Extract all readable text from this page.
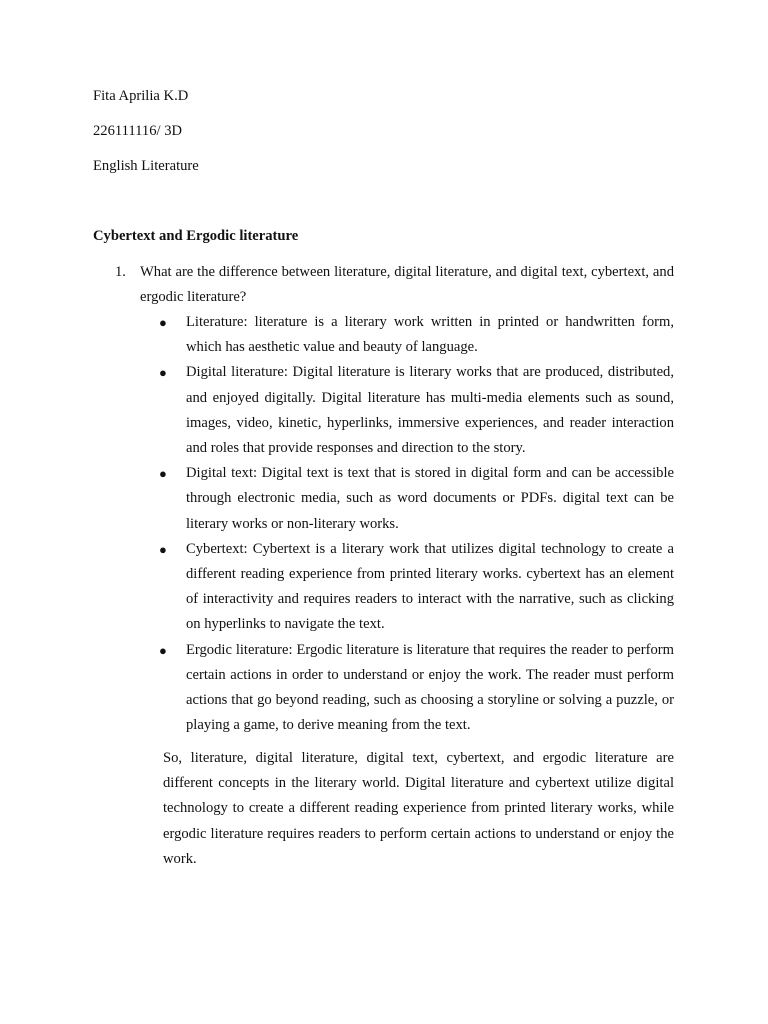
Fita Aprilia K.D
226111116/ 3D
English Literature
Cybertext and Ergodic literature
1. What are the difference between literature, digital literature, and digital text, cybertext, and ergodic literature?
● Literature: literature is a literary work written in printed or handwritten form, which has aesthetic value and beauty of language.
● Digital literature: Digital literature is literary works that are produced, distributed, and enjoyed digitally. Digital literature has multi-media elements such as sound, images, video, kinetic, hyperlinks, immersive experiences, and reader interaction and roles that provide responses and direction to the story.
● Digital text: Digital text is text that is stored in digital form and can be accessible through electronic media, such as word documents or PDFs. digital text can be literary works or non-literary works.
● Cybertext: Cybertext is a literary work that utilizes digital technology to create a different reading experience from printed literary works. cybertext has an element of interactivity and requires readers to interact with the narrative, such as clicking on hyperlinks to navigate the text.
● Ergodic literature: Ergodic literature is literature that requires the reader to perform certain actions in order to understand or enjoy the work. The reader must perform actions that go beyond reading, such as choosing a storyline or solving a puzzle, or playing a game, to derive meaning from the text.
So, literature, digital literature, digital text, cybertext, and ergodic literature are different concepts in the literary world. Digital literature and cybertext utilize digital technology to create a different reading experience from printed literary works, while ergodic literature requires readers to perform certain actions to understand or enjoy the work.
